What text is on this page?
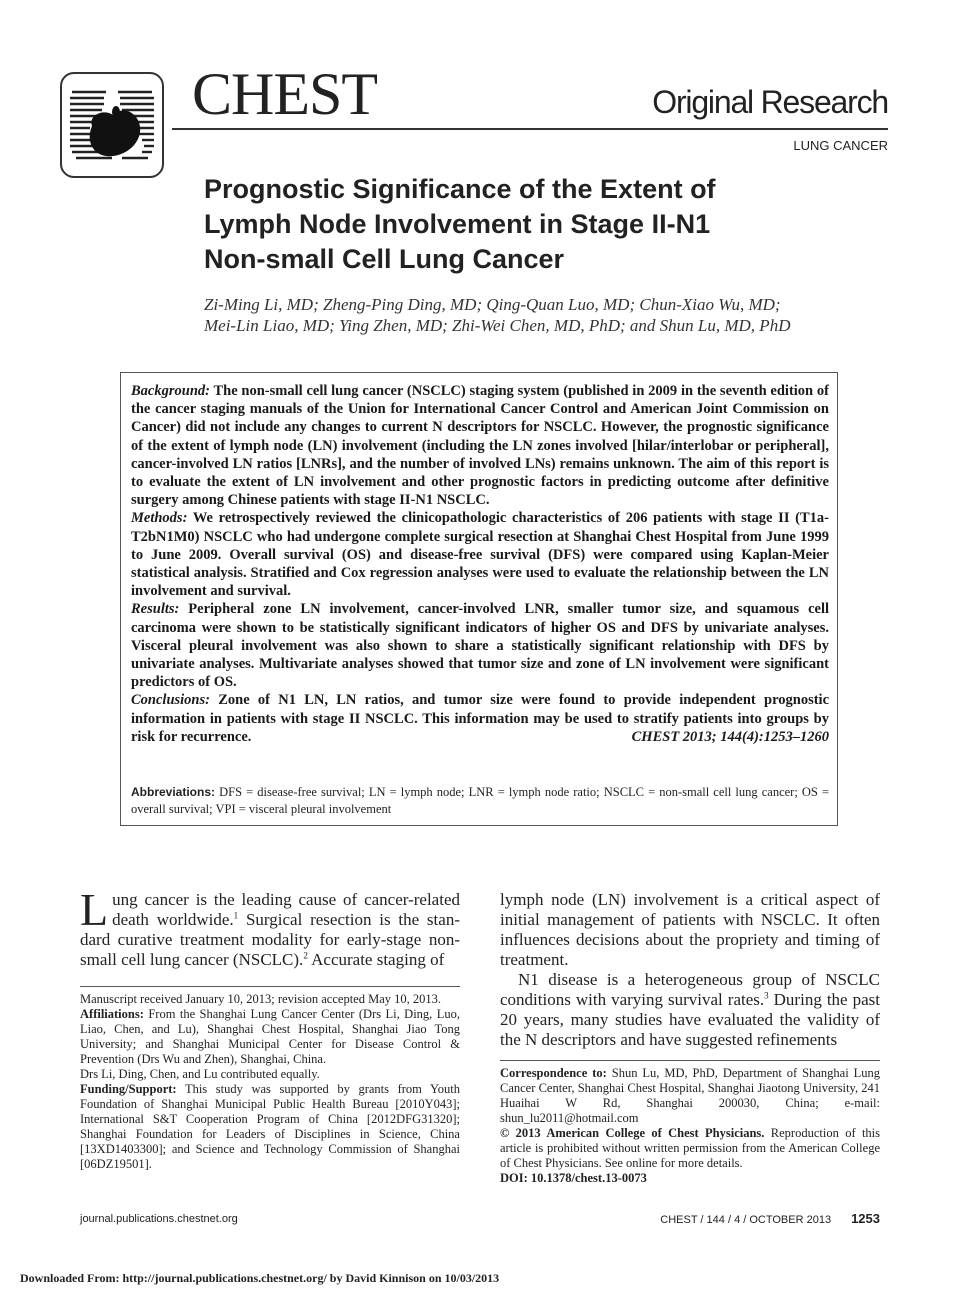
CHEST	Original Research
LUNG CANCER
Prognostic Significance of the Extent of
Lymph Node Involvement in Stage II-N1
Non-small Cell Lung Cancer
Zi-Ming Li, MD; Zheng-Ping Ding, MD; Qing-Quan Luo, MD; Chun-Xiao Wu, MD;
Mei-Lin Liao, MD; Ying Zhen, MD; Zhi-Wei Chen, MD, PhD; and Shun Lu, MD, PhD

Background: The non-small cell lung cancer (NSCLC) staging system (published in 2009 in the seventh edition of the cancer staging manuals of the Union for International Cancer Control and American Joint Commission on Cancer) did not include any changes to current N descriptors for NSCLC. However, the prognostic significance of the extent of lymph node (LN) involvement (including the LN zones involved [hilar/interlobar or peripheral], cancer-involved LN ratios [LNRs], and the number of involved LNs) remains unknown. The aim of this report is to evaluate the extent of LN involvement and other prognostic factors in predicting outcome after definitive surgery among Chinese patients with stage II-N1 NSCLC.

Methods: We retrospectively reviewed the clinicopathologic characteristics of 206 patients with stage II (T1a-T2bN1M0) NSCLC who had undergone complete surgical resection at Shanghai Chest Hospital from June 1999 to June 2009. Overall survival (OS) and disease-free survival (DFS) were compared using Kaplan-Meier statistical analysis. Stratified and Cox regression analyses were used to evaluate the relationship between the LN involvement and survival.

Results: Peripheral zone LN involvement, cancer-involved LNR, smaller tumor size, and squamous cell carcinoma were shown to be statistically significant indicators of higher OS and DFS by univariate analyses. Visceral pleural involvement was also shown to share a statistically significant relationship with DFS by univariate analyses. Multivariate analyses showed that tumor size and zone of LN involvement were significant predictors of OS.

Conclusions: Zone of N1 LN, LN ratios, and tumor size were found to provide independent prognostic information in patients with stage II NSCLC. This information may be used to stratify patients into groups by risk for recurrence.	CHEST 2013; 144(4):1253–1260

Abbreviations: DFS = disease-free survival; LN = lymph node; LNR = lymph node ratio; NSCLC = non-small cell lung cancer; OS = overall survival; VPI = visceral pleural involvement

Lung cancer is the leading cause of cancer-related death worldwide.$^1$ Surgical resection is the standard curative treatment modality for early-stage non-small cell lung cancer (NSCLC).$^2$ Accurate staging of

lymph node (LN) involvement is a critical aspect of initial management of patients with NSCLC. It often influences decisions about the propriety and timing of treatment.

N1 disease is a heterogeneous group of NSCLC conditions with varying survival rates.$^3$ During the past 20 years, many studies have evaluated the validity of the N descriptors and have suggested refinements

Manuscript received January 10, 2013; revision accepted May 10, 2013.

Affiliations: From the Shanghai Lung Cancer Center (Drs Li, Ding, Luo, Liao, Chen, and Lu), Shanghai Chest Hospital, Shanghai Jiao Tong University; and Shanghai Municipal Center for Disease Control & Prevention (Drs Wu and Zhen), Shanghai, China.

Drs Li, Ding, Chen, and Lu contributed equally.

Funding/Support: This study was supported by grants from Youth Foundation of Shanghai Municipal Public Health Bureau [2010Y043]; International S&T Cooperation Program of China [2012DFG31320]; Shanghai Foundation for Leaders of Disciplines in Science, China [13XD1403300]; and Science and Technology Commission of Shanghai [06DZ19501].

Correspondence to: Shun Lu, MD, PhD, Department of Shanghai Lung Cancer Center, Shanghai Chest Hospital, Shanghai Jiaotong University, 241 Huaihai W Rd, Shanghai 200030, China; e-mail: shun_lu2011@hotmail.com

© 2013 American College of Chest Physicians. Reproduction of this article is prohibited without written permission from the American College of Chest Physicians. See online for more details.

DOI: 10.1378/chest.13-0073

journal.publications.chestnet.org	CHEST / 144 / 4 / OCTOBER 2013 1253
Downloaded From: http://journal.publications.chestnet.org/ by David Kinnison on 10/03/2013
